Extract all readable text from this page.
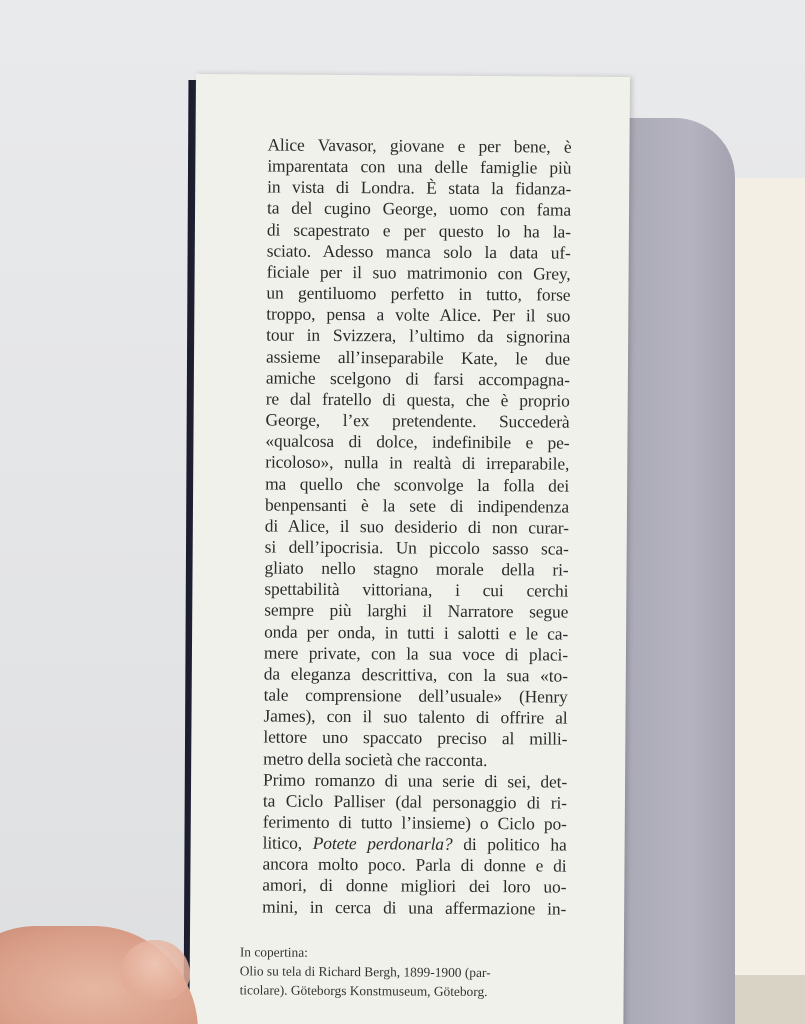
Alice Vavasor, giovane e per bene, è
imparentata con una delle famiglie più
in vista di Londra. È stata la fidanza-
ta del cugino George, uomo con fama
di scapestrato e per questo lo ha la-
sciato. Adesso manca solo la data uf-
ficiale per il suo matrimonio con Grey,
un gentiluomo perfetto in tutto, forse
troppo, pensa a volte Alice. Per il suo
tour in Svizzera, l’ultimo da signorina
assieme all’inseparabile Kate, le due
amiche scelgono di farsi accompagna-
re dal fratello di questa, che è proprio
George, l’ex pretendente. Succederà
«qualcosa di dolce, indefinibile e pe-
ricoloso», nulla in realtà di irreparabile,
ma quello che sconvolge la folla dei
benpensanti è la sete di indipendenza
di Alice, il suo desiderio di non curar-
si dell’ipocrisia. Un piccolo sasso sca-
gliato nello stagno morale della ri-
spettabilità vittoriana, i cui cerchi
sempre più larghi il Narratore segue
onda per onda, in tutti i salotti e le ca-
mere private, con la sua voce di placi-
da eleganza descrittiva, con la sua «to-
tale comprensione dell’usuale» (Henry
James), con il suo talento di offrire al
lettore uno spaccato preciso al milli-
metro della società che racconta.
Primo romanzo di una serie di sei, det-
ta Ciclo Palliser (dal personaggio di ri-
ferimento di tutto l’insieme) o Ciclo po-
litico, Potete perdonarla? di politico ha
ancora molto poco. Parla di donne e di
amori, di donne migliori dei loro uo-
mini, in cerca di una affermazione in-
In copertina:
Olio su tela di Richard Bergh, 1899-1900 (par-
ticolare). Göteborgs Konstmuseum, Göteborg.
